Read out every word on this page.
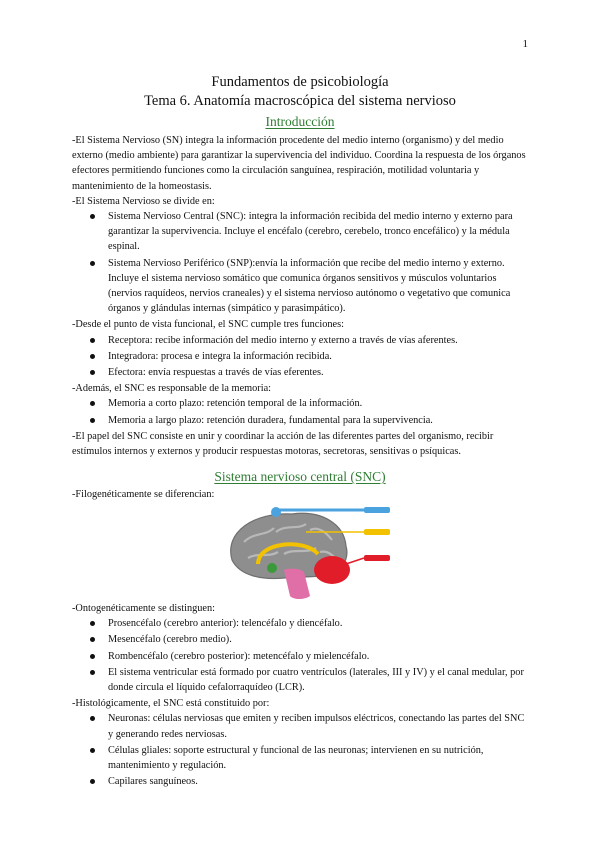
1
Fundamentos de psicobiología
Tema 6. Anatomía macroscópica del sistema nervioso
Introducción

-El Sistema Nervioso (SN) integra la información procedente del medio interno (organismo) y del medio externo (medio ambiente) para garantizar la supervivencia del individuo. Coordina la respuesta de los órganos efectores permitiendo funciones como la circulación sanguínea, respiración, motilidad voluntaria y mantenimiento de la homeostasis.

-El Sistema Nervioso se divide en:

Sistema Nervioso Central (SNC): integra la información recibida del medio interno y externo para garantizar la supervivencia. Incluye el encéfalo (cerebro, cerebelo, tronco encefálico) y la médula espinal.
Sistema Nervioso Periférico (SNP):envía la información que recibe del medio interno y externo. Incluye el sistema nervioso somático que comunica órganos sensitivos y músculos voluntarios (nervios raquídeos, nervios craneales) y el sistema nervioso autónomo o vegetativo que comunica órganos y glándulas internas (simpático y parasimpático).

-Desde el punto de vista funcional, el SNC cumple tres funciones:

Receptora: recibe información del medio interno y externo a través de vías aferentes.
Integradora: procesa e integra la información recibida.
Efectora: envía respuestas a través de vías eferentes.

-Además, el SNC es responsable de la memoria:

Memoria a corto plazo: retención temporal de la información.
Memoria a largo plazo: retención duradera, fundamental para la supervivencia.

-El papel del SNC consiste en unir y coordinar la acción de las diferentes partes del organismo, recibir estímulos internos y externos y producir respuestas motoras, secretoras, sensitivas o psíquicas.

Sistema nervioso central (SNC)
-Filogenéticamente se diferencian:

-Ontogenéticamente se distinguen:

Prosencéfalo (cerebro anterior): telencéfalo y diencéfalo.
Mesencéfalo (cerebro medio).
Rombencéfalo (cerebro posterior): metencéfalo y mielencéfalo.
El sistema ventricular está formado por cuatro ventrículos (laterales, III y IV) y el canal medular, por donde circula el líquido cefalorraquídeo (LCR).

-Histológicamente, el SNC está constituido por:

Neuronas: células nerviosas que emiten y reciben impulsos eléctricos, conectando las partes del SNC y generando redes nerviosas.
Células gliales: soporte estructural y funcional de las neuronas; intervienen en su nutrición, mantenimiento y regulación.
Capilares sanguíneos.
